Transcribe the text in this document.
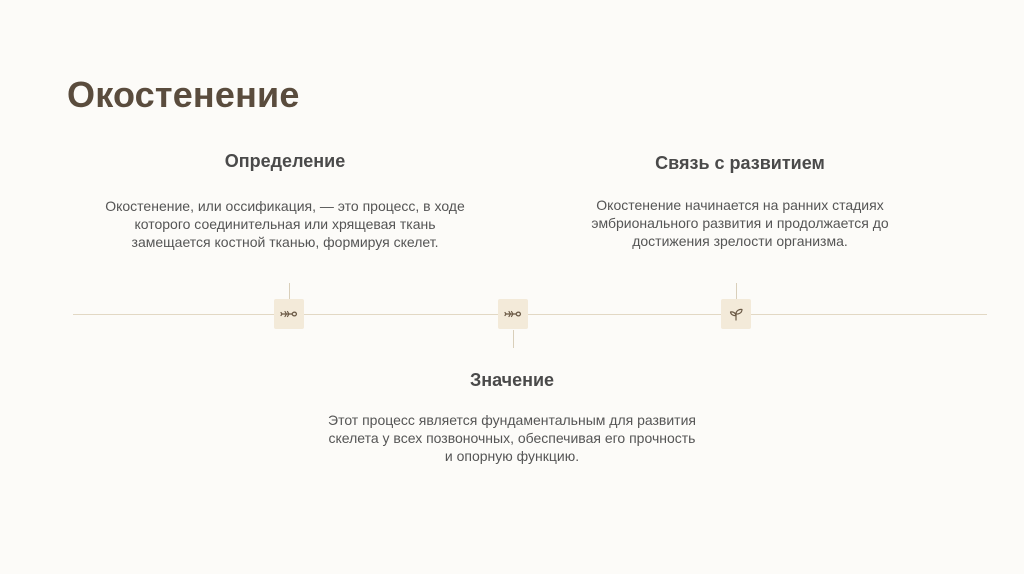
Окостенение
Определение

Окостенение, или оссификация, — это процесс, в ходе
которого соединительная или хрящевая ткань
замещается костной тканью, формируя скелет.

Связь с развитием

Окостенение начинается на ранних стадиях
эмбрионального развития и продолжается до
достижения зрелости организма.

Значение

Этот процесс является фундаментальным для развития
скелета у всех позвоночных, обеспечивая его прочность
и опорную функцию.
